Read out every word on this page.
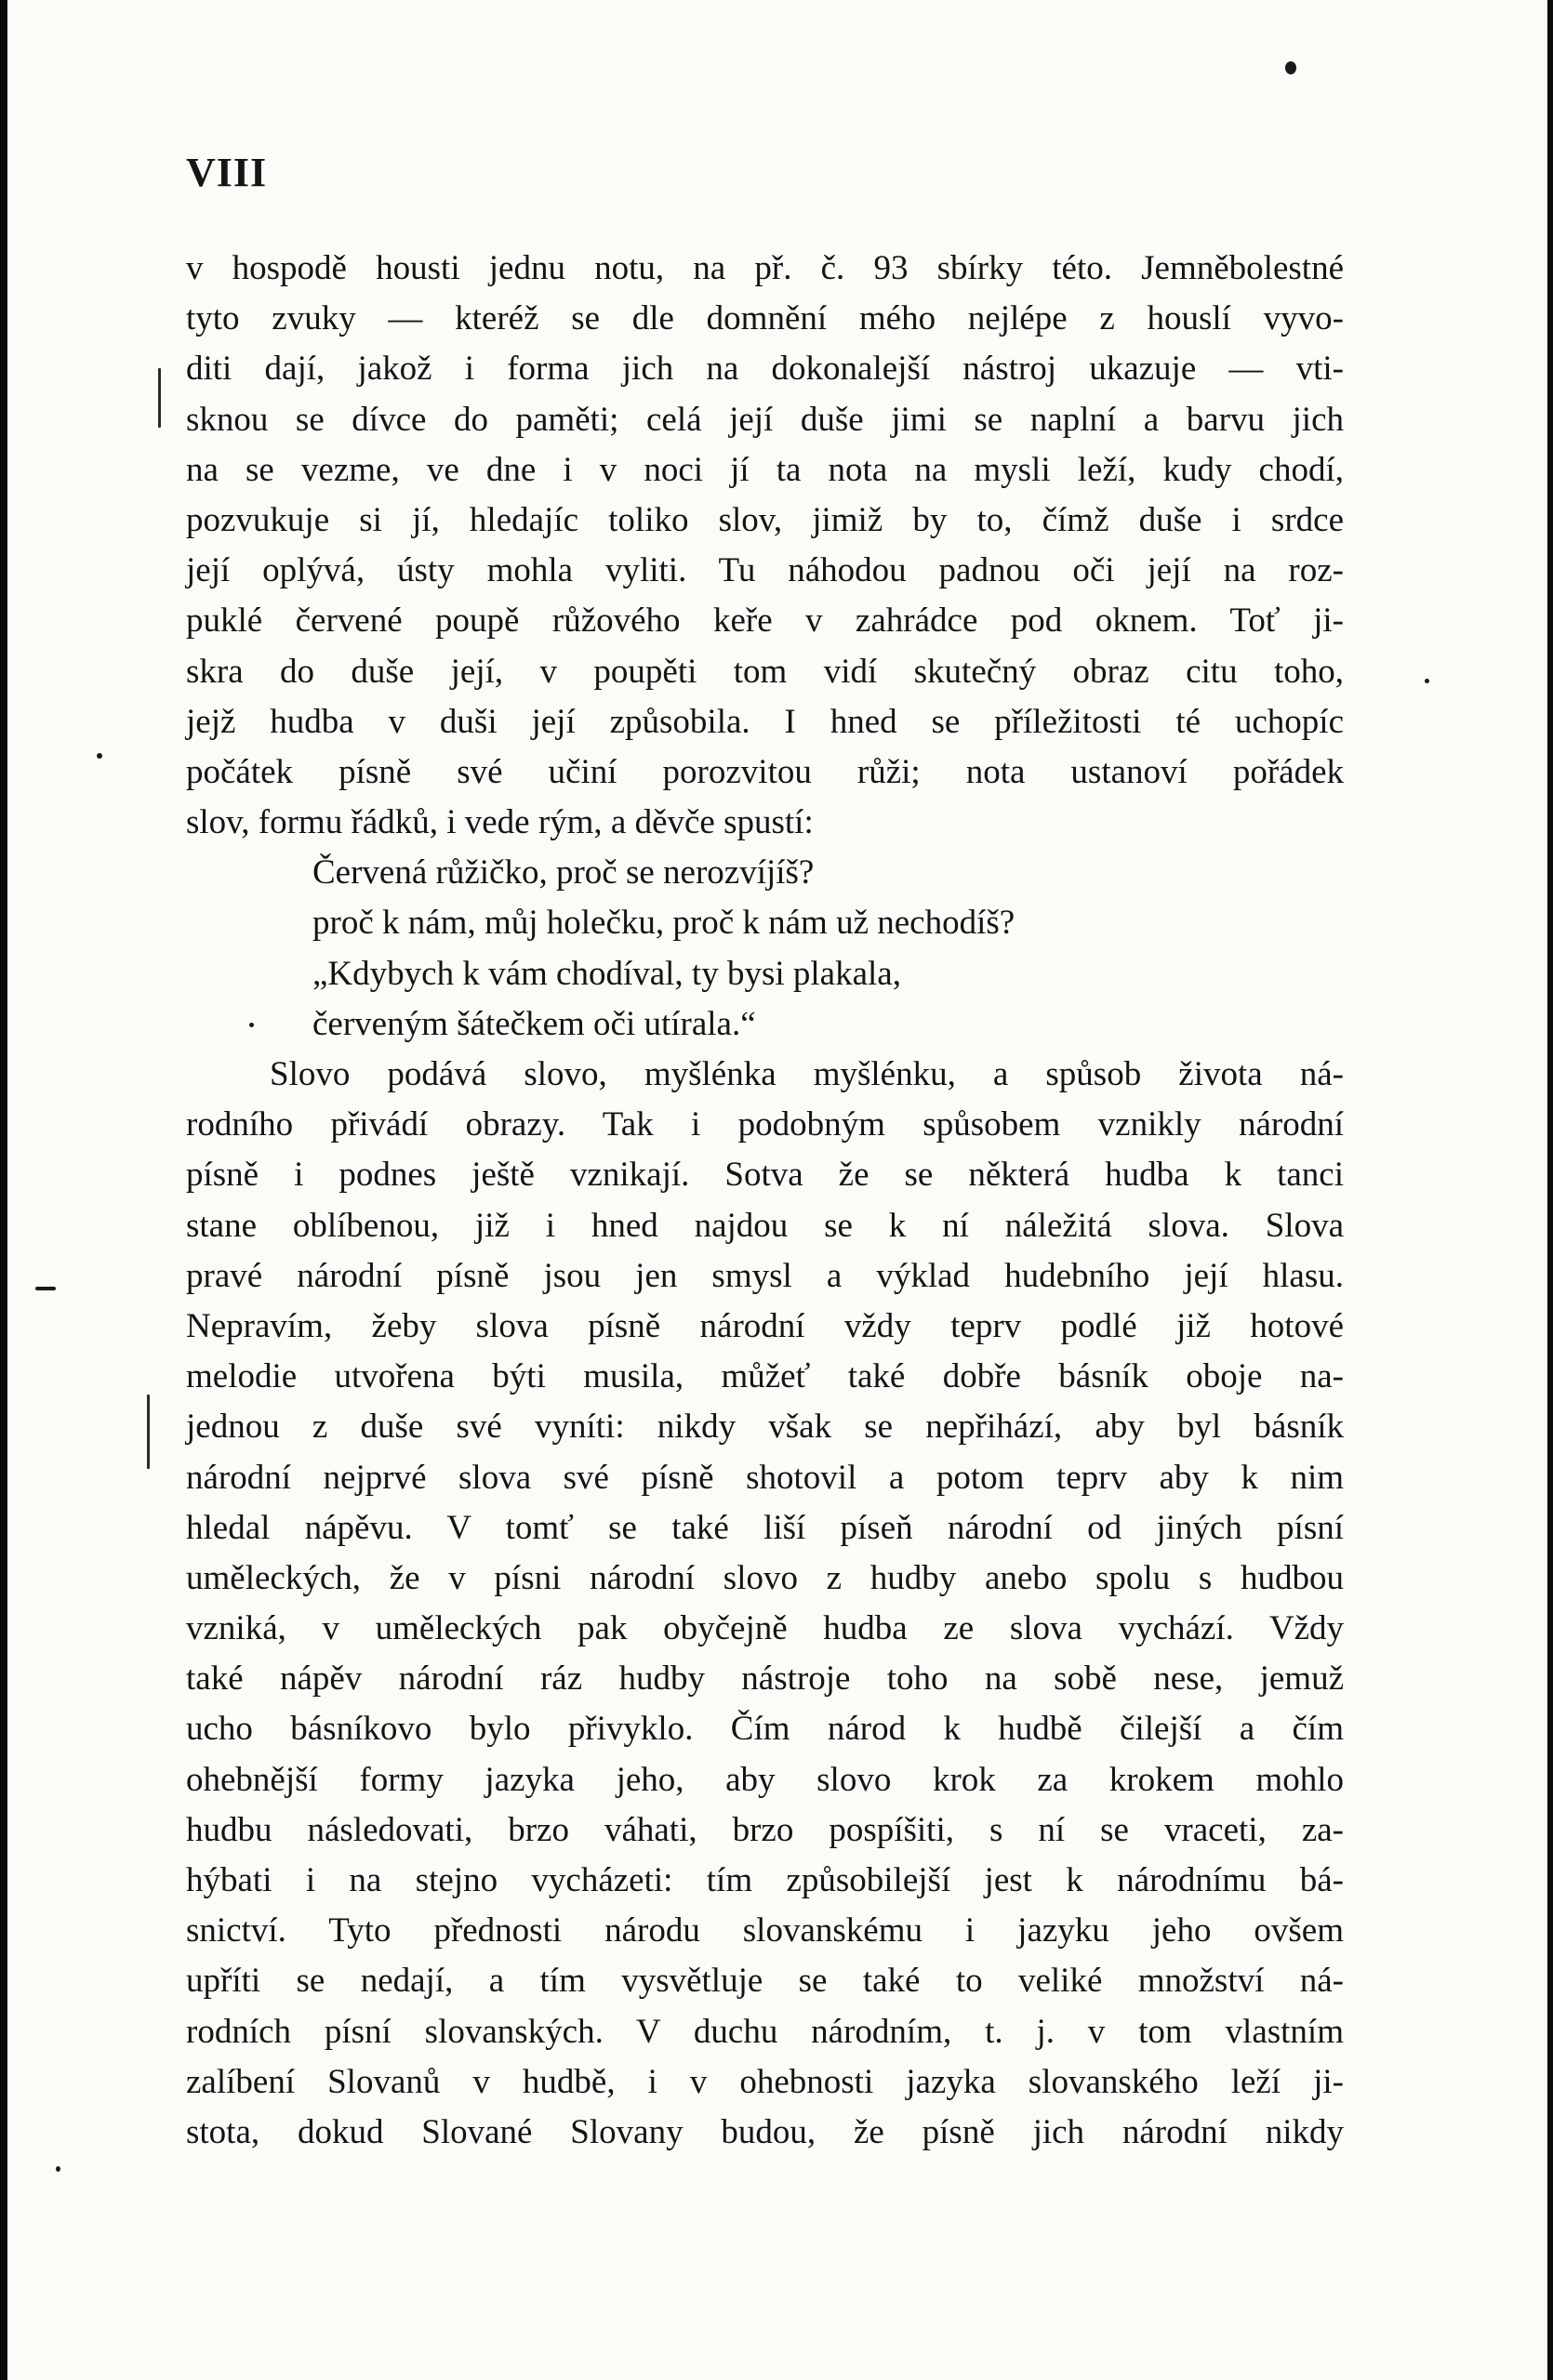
VIII
v hospodě housti jednu notu, na př. č. 93 sbírky této. Jemněbolestné
tyto zvuky — kteréž se dle domnění mého nejlépe z houslí vyvo-
diti dají, jakož i forma jich na dokonalejší nástroj ukazuje — vti-
sknou se dívce do paměti; celá její duše jimi se naplní a barvu jich
na se vezme, ve dne i v noci jí ta nota na mysli leží, kudy chodí,
pozvukuje si jí, hledajíc toliko slov, jimiž by to, čímž duše i srdce
její oplývá, ústy mohla vyliti. Tu náhodou padnou oči její na roz-
puklé červené poupě růžového keře v zahrádce pod oknem. Toť ji-
skra do duše její, v poupěti tom vidí skutečný obraz citu toho,
jejž hudba v duši její způsobila. I hned se příležitosti té uchopíc
počátek písně své učiní porozvitou růži; nota ustanoví pořádek
slov, formu řádků, i vede rým, a děvče spustí:
Červená růžičko, proč se nerozvíjíš?
proč k nám, můj holečku, proč k nám už nechodíš?
„Kdybych k vám chodíval, ty bysi plakala,
červeným šátečkem oči utírala.“
Slovo podává slovo, myšlénka myšlénku, a spůsob života ná-
rodního přivádí obrazy. Tak i podobným spůsobem vznikly národní
písně i podnes ještě vznikají. Sotva že se některá hudba k tanci
stane oblíbenou, již i hned najdou se k ní náležitá slova. Slova
pravé národní písně jsou jen smysl a výklad hudebního její hlasu.
Nepravím, žeby slova písně národní vždy teprv podlé již hotové
melodie utvořena býti musila, můžeť také dobře básník oboje na-
jednou z duše své vyníti: nikdy však se nepřihází, aby byl básník
národní nejprvé slova své písně shotovil a potom teprv aby k nim
hledal nápěvu. V tomť se také liší píseň národní od jiných písní
uměleckých, že v písni národní slovo z hudby anebo spolu s hudbou
vzniká, v uměleckých pak obyčejně hudba ze slova vychází. Vždy
také nápěv národní ráz hudby nástroje toho na sobě nese, jemuž
ucho básníkovo bylo přivyklo. Čím národ k hudbě čilejší a čím
ohebnější formy jazyka jeho, aby slovo krok za krokem mohlo
hudbu následovati, brzo váhati, brzo pospíšiti, s ní se vraceti, za-
hýbati i na stejno vycházeti: tím způsobilejší jest k národnímu bá-
snictví. Tyto přednosti národu slovanskému i jazyku jeho ovšem
upříti se nedají, a tím vysvětluje se také to veliké množství ná-
rodních písní slovanských. V duchu národním, t. j. v tom vlastním
zalíbení Slovanů v hudbě, i v ohebnosti jazyka slovanského leží ji-
stota, dokud Slované Slovany budou, že písně jich národní nikdy
